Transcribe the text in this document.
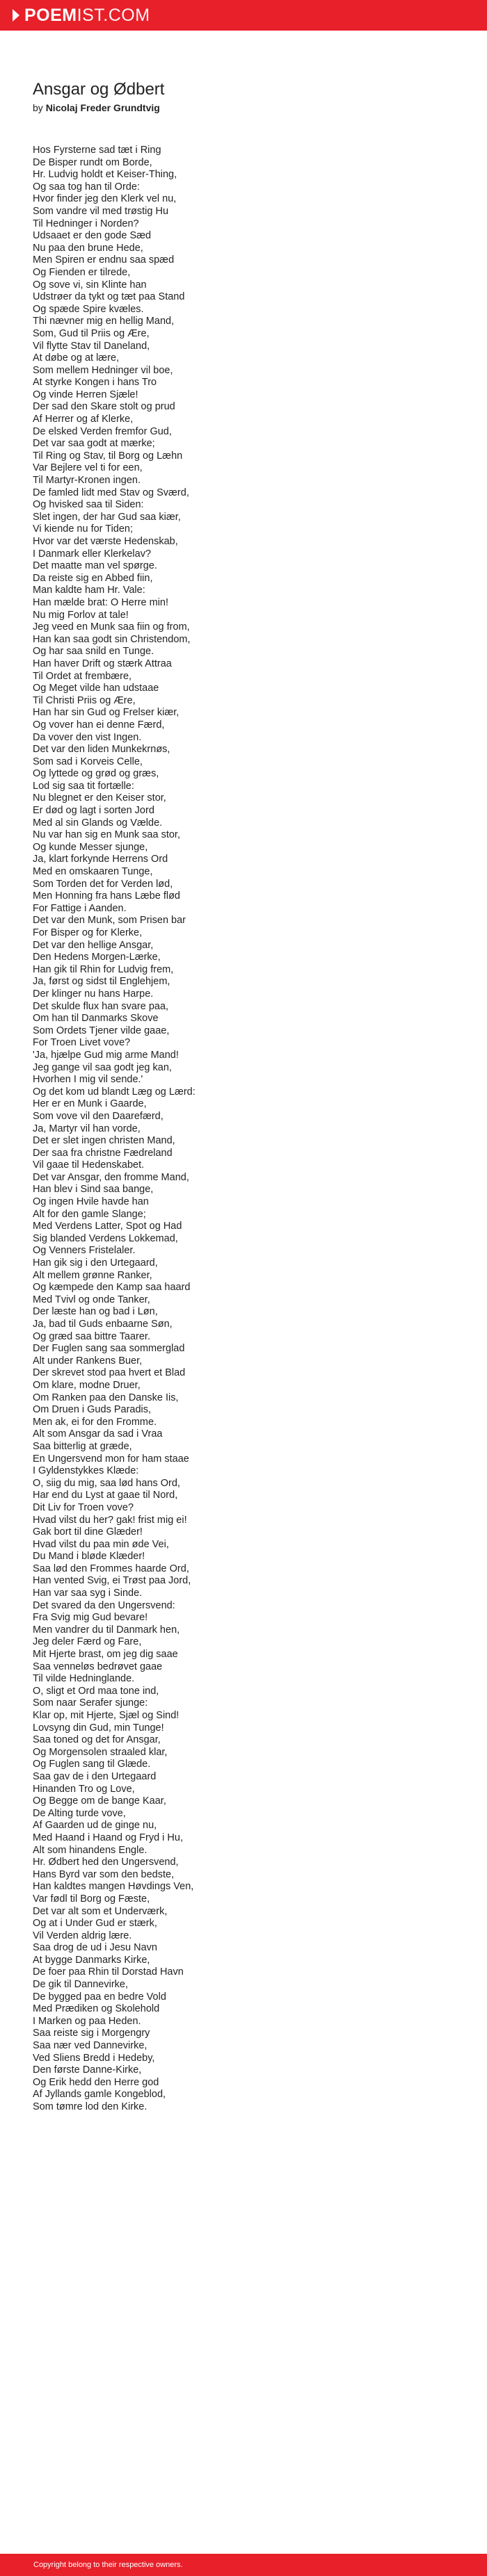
POEMIST.COM
Ansgar og Ødbert
by Nicolaj Freder Grundtvig
Hos Fyrsterne sad tæt i Ring
De Bisper rundt om Borde,
Hr. Ludvig holdt et Keiser-Thing,
Og saa tog han til Orde:
Hvor finder jeg den Klerk vel nu,
Som vandre vil med trøstig Hu
Til Hedninger i Norden?
Udsaaet er den gode Sæd
Nu paa den brune Hede,
Men Spiren er endnu saa spæd
Og Fienden er tilrede,
Og sove vi, sin Klinte han
Udstrøer da tykt og tæt paa Stand
Og spæde Spire kvæles.
Thi nævner mig en hellig Mand,
Som, Gud til Priis og Ære,
Vil flytte Stav til Daneland,
At døbe og at lære,
Som mellem Hedninger vil boe,
At styrke Kongen i hans Tro
Og vinde Herren Sjæle!
Der sad den Skare stolt og prud
Af Herrer og af Klerke,
De elsked Verden fremfor Gud,
Det var saa godt at mærke;
Til Ring og Stav, til Borg og Læhn
Var Bejlere vel ti for een,
Til Martyr-Kronen ingen.
De famled lidt med Stav og Sværd,
Og hvisked saa til Siden:
Slet ingen, der har Gud saa kiær,
Vi kiende nu for Tiden;
Hvor var det værste Hedenskab,
I Danmark eller Klerkelav?
Det maatte man vel spørge.
Da reiste sig en Abbed fiin,
Man kaldte ham Hr. Vale:
Han mælde brat: O Herre min!
Nu mig Forlov at tale!
Jeg veed en Munk saa fiin og from,
Han kan saa godt sin Christendom,
Og har saa snild en Tunge.
Han haver Drift og stærk Attraa
Til Ordet at frembære,
Og Meget vilde han udstaae
Til Christi Priis og Ære,
Han har sin Gud og Frelser kiær,
Og vover han ei denne Færd,
Da vover den vist Ingen.
Det var den liden Munkekrnøs,
Som sad i Korveis Celle,
Og lyttede og grød og græs,
Lod sig saa tit fortælle:
Nu blegnet er den Keiser stor,
Er død og lagt i sorten Jord
Med al sin Glands og Vælde.
Nu var han sig en Munk saa stor,
Og kunde Messer sjunge,
Ja, klart forkynde Herrens Ord
Med en omskaaren Tunge,
Som Torden det for Verden lød,
Men Honning fra hans Læbe flød
For Fattige i Aanden.
Det var den Munk, som Prisen bar
For Bisper og for Klerke,
Det var den hellige Ansgar,
Den Hedens Morgen-Lærke,
Han gik til Rhin for Ludvig frem,
Ja, først og sidst til Englehjem,
Der klinger nu hans Harpe.
Det skulde flux han svare paa,
Om han til Danmarks Skove
Som Ordets Tjener vilde gaae,
For Troen Livet vove?
'Ja, hjælpe Gud mig arme Mand!
Jeg gange vil saa godt jeg kan,
Hvorhen I mig vil sende.'
Og det kom ud blandt Læg og Lærd:
Her er en Munk i Gaarde,
Som vove vil den Daarefærd,
Ja, Martyr vil han vorde,
Det er slet ingen christen Mand,
Der saa fra christne Fædreland
Vil gaae til Hedenskabet.
Det var Ansgar, den fromme Mand,
Han blev i Sind saa bange,
Og ingen Hvile havde han
Alt for den gamle Slange;
Med Verdens Latter, Spot og Had
Sig blanded Verdens Lokkemad,
Og Venners Fristelaler.
Han gik sig i den Urtegaard,
Alt mellem grønne Ranker,
Og kæmpede den Kamp saa haard
Med Tvivl og onde Tanker,
Der læste han og bad i Løn,
Ja, bad til Guds enbaarne Søn,
Og græd saa bittre Taarer.
Der Fuglen sang saa sommerglad
Alt under Rankens Buer,
Der skrevet stod paa hvert et Blad
Om klare, modne Druer,
Om Ranken paa den Danske Iis,
Om Druen i Guds Paradis,
Men ak, ei for den Fromme.
Alt som Ansgar da sad i Vraa
Saa bitterlig at græde,
En Ungersvend mon for ham staae
I Gyldenstykkes Klæde:
O, siig du mig, saa lød hans Ord,
Har end du Lyst at gaae til Nord,
Dit Liv for Troen vove?
Hvad vilst du her? gak! frist mig ei!
Gak bort til dine Glæder!
Hvad vilst du paa min øde Vei,
Du Mand i bløde Klæder!
Saa lød den Frommes haarde Ord,
Han vented Svig, ei Trøst paa Jord,
Han var saa syg i Sinde.
Det svared da den Ungersvend:
Fra Svig mig Gud bevare!
Men vandrer du til Danmark hen,
Jeg deler Færd og Fare,
Mit Hjerte brast, om jeg dig saae
Saa venneløs bedrøvet gaae
Til vilde Hedninglande.
O, sligt et Ord maa tone ind,
Som naar Serafer sjunge:
Klar op, mit Hjerte, Sjæl og Sind!
Lovsyng din Gud, min Tunge!
Saa toned og det for Ansgar,
Og Morgensolen straaled klar,
Og Fuglen sang til Glæde.
Saa gav de i den Urtegaard
Hinanden Tro og Love,
Og Begge om de bange Kaar,
De Alting turde vove,
Af Gaarden ud de ginge nu,
Med Haand i Haand og Fryd i Hu,
Alt som hinandens Engle.
Hr. Ødbert hed den Ungersvend,
Hans Byrd var som den bedste,
Han kaldtes mangen Høvdings Ven,
Var fødl til Borg og Fæste,
Det var alt som et Underværk,
Og at i Under Gud er stærk,
Vil Verden aldrig lære.
Saa drog de ud i Jesu Navn
At bygge Danmarks Kirke,
De foer paa Rhin til Dorstad Havn
De gik til Dannevirke,
De bygged paa en bedre Vold
Med Prædiken og Skolehold
I Marken og paa Heden.
Saa reiste sig i Morgengry
Saa nær ved Dannevirke,
Ved Sliens Bredd i Hedeby,
Den første Danne-Kirke,
Og Erik hedd den Herre god
Af Jyllands gamle Kongeblod,
Som tømre lod den Kirke.
Copyright belong to their respective owners.
